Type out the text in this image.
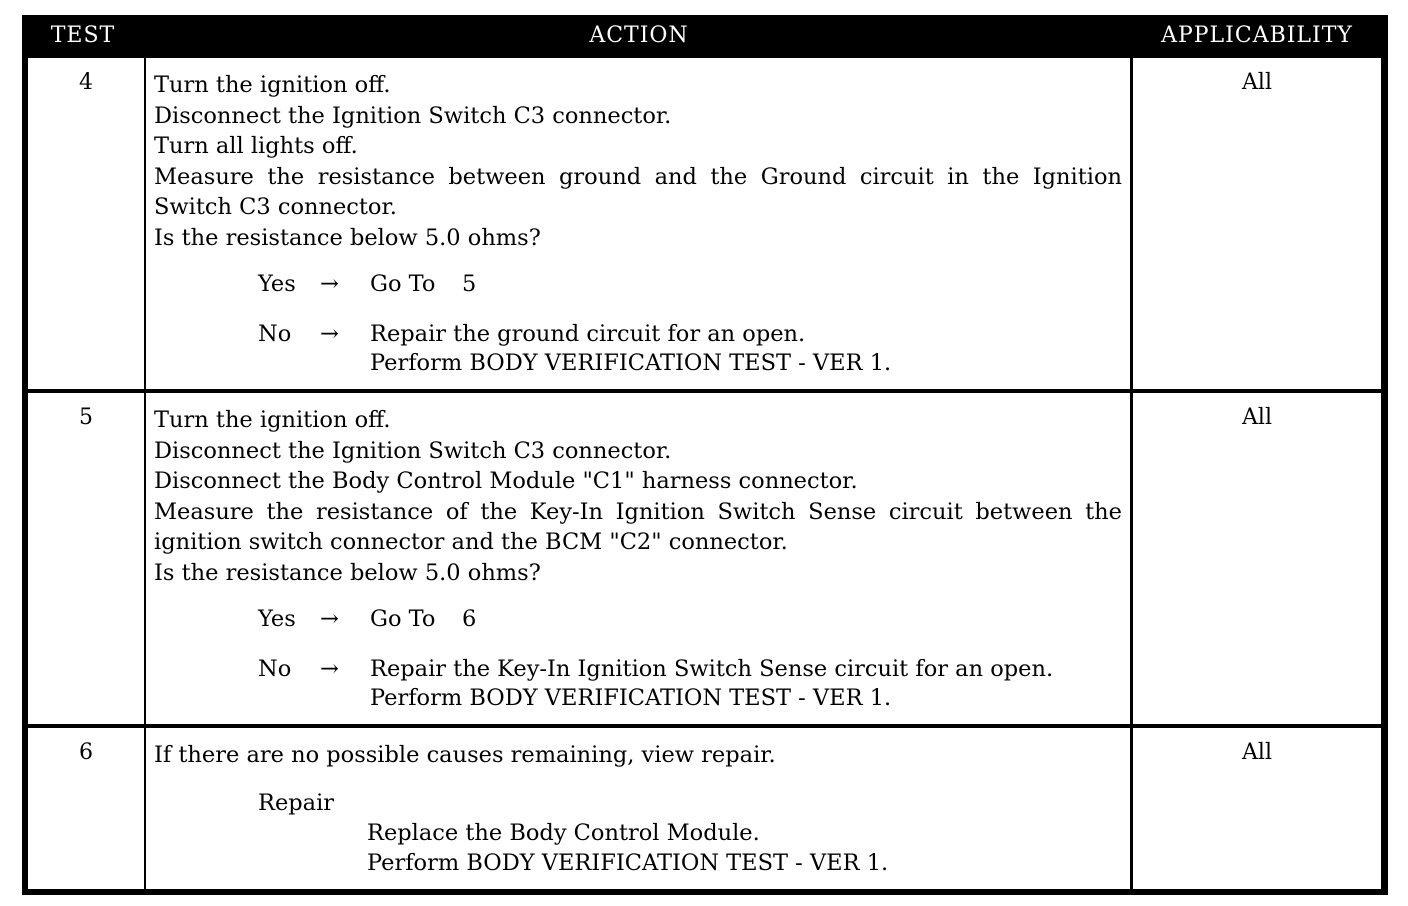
TEST	ACTION	APPLICABILITY
4	Turn the ignition off.
Disconnect the Ignition Switch C3 connector.
Turn all lights off.
Measure the resistance between ground and the Ground circuit in the Ignition
Switch C3 connector.
Is the resistance below 5.0 ohms?
Yes → Go To 5
No → Repair the ground circuit for an open.
Perform BODY VERIFICATION TEST - VER 1.
All
5	Turn the ignition off.
Disconnect the Ignition Switch C3 connector.
Disconnect the Body Control Module "C1" harness connector.
Measure the resistance of the Key-In Ignition Switch Sense circuit between the
ignition switch connector and the BCM "C2" connector.
Is the resistance below 5.0 ohms?
Yes → Go To 6
No → Repair the Key-In Ignition Switch Sense circuit for an open.
Perform BODY VERIFICATION TEST - VER 1.
All
6	If there are no possible causes remaining, view repair.
Repair
Replace the Body Control Module.
Perform BODY VERIFICATION TEST - VER 1.
All
